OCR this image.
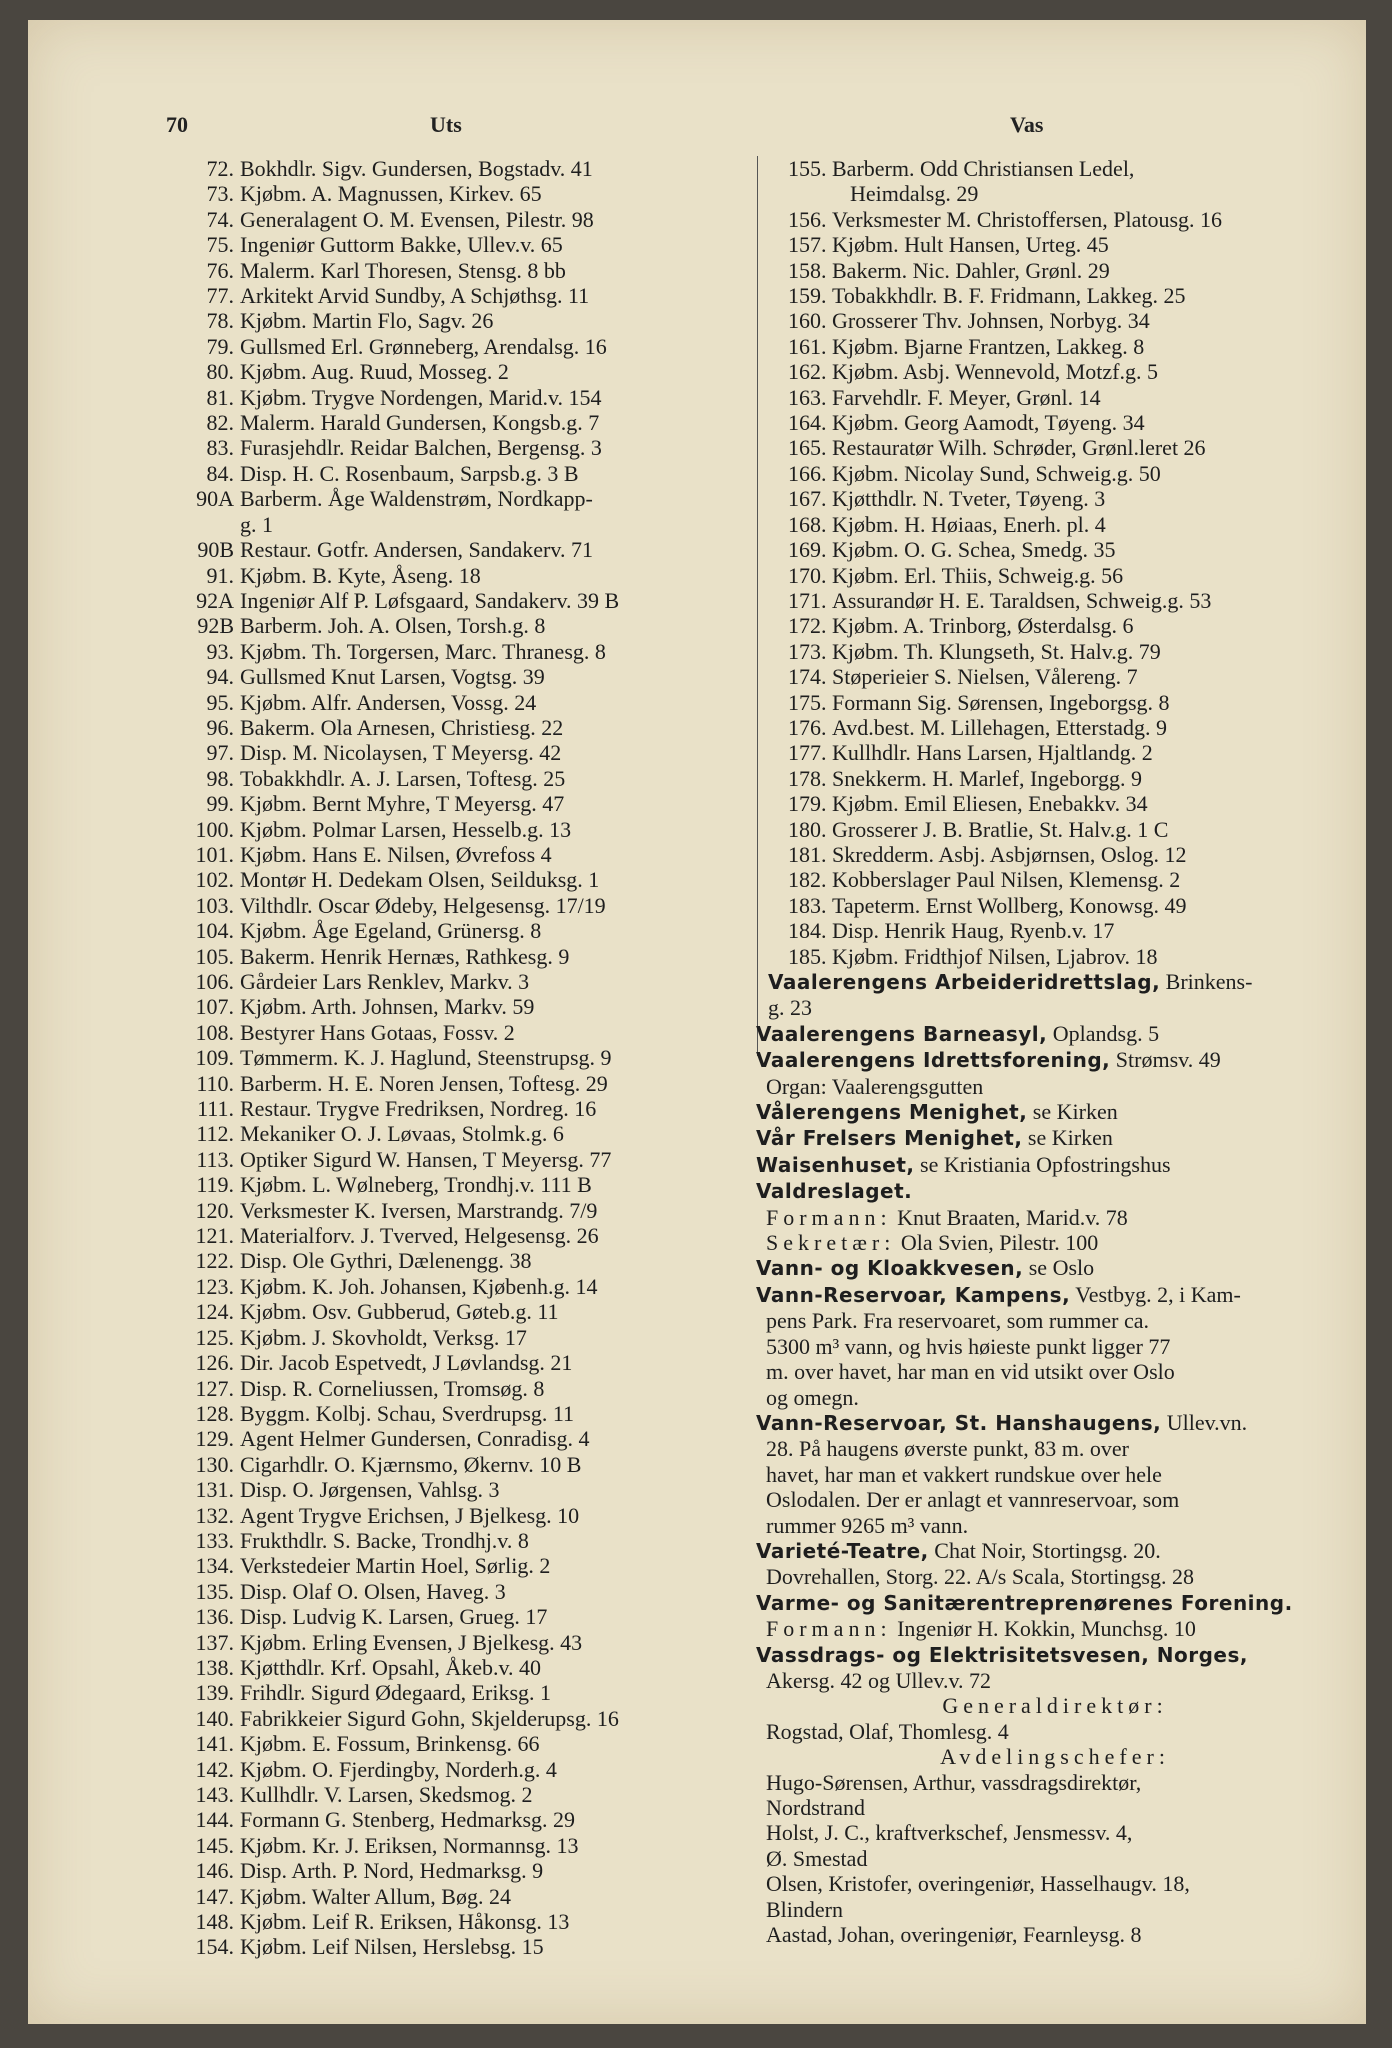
70	Uts	Vas
72. Bokhdlr. Sigv. Gundersen, Bogstadv. 41
73. Kjøbm. A. Magnussen, Kirkev. 65
74. Generalagent O. M. Evensen, Pilestr. 98
75. Ingeniør Guttorm Bakke, Ullev.v. 65
76. Malerm. Karl Thoresen, Stensg. 8 bb
77. Arkitekt Arvid Sundby, A Schjøthsg. 11
78. Kjøbm. Martin Flo, Sagv. 26
79. Gullsmed Erl. Grønneberg, Arendalsg. 16
80. Kjøbm. Aug. Ruud, Mosseg. 2
81. Kjøbm. Trygve Nordengen, Marid.v. 154
82. Malerm. Harald Gundersen, Kongsb.g. 7
83. Furasjehdlr. Reidar Balchen, Bergensg. 3
84. Disp. H. C. Rosenbaum, Sarpsb.g. 3 B
90A Barberm. Åge Waldenstrøm, Nordkapp-
g. 1
90B Restaur. Gotfr. Andersen, Sandakerv. 71
91. Kjøbm. B. Kyte, Åseng. 18
92A Ingeniør Alf P. Løfsgaard, Sandakerv. 39 B
92B Barberm. Joh. A. Olsen, Torsh.g. 8
93. Kjøbm. Th. Torgersen, Marc. Thranesg. 8
94. Gullsmed Knut Larsen, Vogtsg. 39
95. Kjøbm. Alfr. Andersen, Vossg. 24
96. Bakerm. Ola Arnesen, Christiesg. 22
97. Disp. M. Nicolaysen, T Meyersg. 42
98. Tobakkhdlr. A. J. Larsen, Toftesg. 25
99. Kjøbm. Bernt Myhre, T Meyersg. 47
100. Kjøbm. Polmar Larsen, Hesselb.g. 13
101. Kjøbm. Hans E. Nilsen, Øvrefoss 4
102. Montør H. Dedekam Olsen, Seilduksg. 1
103. Vilthdlr. Oscar Ødeby, Helgesensg. 17/19
104. Kjøbm. Åge Egeland, Grünersg. 8
105. Bakerm. Henrik Hernæs, Rathkesg. 9
106. Gårdeier Lars Renklev, Markv. 3
107. Kjøbm. Arth. Johnsen, Markv. 59
108. Bestyrer Hans Gotaas, Fossv. 2
109. Tømmerm. K. J. Haglund, Steenstrupsg. 9
110. Barberm. H. E. Noren Jensen, Toftesg. 29
111. Restaur. Trygve Fredriksen, Nordreg. 16
112. Mekaniker O. J. Løvaas, Stolmk.g. 6
113. Optiker Sigurd W. Hansen, T Meyersg. 77
119. Kjøbm. L. Wølneberg, Trondhj.v. 111 B
120. Verksmester K. Iversen, Marstrandg. 7/9
121. Materialforv. J. Tverved, Helgesensg. 26
122. Disp. Ole Gythri, Dælenengg. 38
123. Kjøbm. K. Joh. Johansen, Kjøbenh.g. 14
124. Kjøbm. Osv. Gubberud, Gøteb.g. 11
125. Kjøbm. J. Skovholdt, Verksg. 17
126. Dir. Jacob Espetvedt, J Løvlandsg. 21
127. Disp. R. Corneliussen, Tromsøg. 8
128. Byggm. Kolbj. Schau, Sverdrupsg. 11
129. Agent Helmer Gundersen, Conradisg. 4
130. Cigarhdlr. O. Kjærnsmo, Økernv. 10 B
131. Disp. O. Jørgensen, Vahlsg. 3
132. Agent Trygve Erichsen, J Bjelkesg. 10
133. Frukthdlr. S. Backe, Trondhj.v. 8
134. Verkstedeier Martin Hoel, Sørlig. 2
135. Disp. Olaf O. Olsen, Haveg. 3
136. Disp. Ludvig K. Larsen, Grueg. 17
137. Kjøbm. Erling Evensen, J Bjelkesg. 43
138. Kjøtthdlr. Krf. Opsahl, Åkeb.v. 40
139. Frihdlr. Sigurd Ødegaard, Eriksg. 1
140. Fabrikkeier Sigurd Gohn, Skjelderupsg. 16
141. Kjøbm. E. Fossum, Brinkensg. 66
142. Kjøbm. O. Fjerdingby, Norderh.g. 4
143. Kullhdlr. V. Larsen, Skedsmog. 2
144. Formann G. Stenberg, Hedmarksg. 29
145. Kjøbm. Kr. J. Eriksen, Normannsg. 13
146. Disp. Arth. P. Nord, Hedmarksg. 9
147. Kjøbm. Walter Allum, Bøg. 24
148. Kjøbm. Leif R. Eriksen, Håkonsg. 13
154. Kjøbm. Leif Nilsen, Herslebsg. 15
155. Barberm. Odd Christiansen Ledel,
Heimdalsg. 29
156. Verksmester M. Christoffersen, Platousg. 16
157. Kjøbm. Hult Hansen, Urteg. 45
158. Bakerm. Nic. Dahler, Grønl. 29
159. Tobakkhdlr. B. F. Fridmann, Lakkeg. 25
160. Grosserer Thv. Johnsen, Norbyg. 34
161. Kjøbm. Bjarne Frantzen, Lakkeg. 8
162. Kjøbm. Asbj. Wennevold, Motzf.g. 5
163. Farvehdlr. F. Meyer, Grønl. 14
164. Kjøbm. Georg Aamodt, Tøyeng. 34
165. Restauratør Wilh. Schrøder, Grønl.leret 26
166. Kjøbm. Nicolay Sund, Schweig.g. 50
167. Kjøtthdlr. N. Tveter, Tøyeng. 3
168. Kjøbm. H. Høiaas, Enerh. pl. 4
169. Kjøbm. O. G. Schea, Smedg. 35
170. Kjøbm. Erl. Thiis, Schweig.g. 56
171. Assurandør H. E. Taraldsen, Schweig.g. 53
172. Kjøbm. A. Trinborg, Østerdalsg. 6
173. Kjøbm. Th. Klungseth, St. Halv.g. 79
174. Støperieier S. Nielsen, Vålereng. 7
175. Formann Sig. Sørensen, Ingeborgsg. 8
176. Avd.best. M. Lillehagen, Etterstadg. 9
177. Kullhdlr. Hans Larsen, Hjaltlandg. 2
178. Snekkerm. H. Marlef, Ingeborgg. 9
179. Kjøbm. Emil Eliesen, Enebakkv. 34
180. Grosserer J. B. Bratlie, St. Halv.g. 1 C
181. Skredderm. Asbj. Asbjørnsen, Oslog. 12
182. Kobberslager Paul Nilsen, Klemensg. 2
183. Tapeterm. Ernst Wollberg, Konowsg. 49
184. Disp. Henrik Haug, Ryenb.v. 17
185. Kjøbm. Fridthjof Nilsen, Ljabrov. 18
Vaalerengens Arbeideridrettslag, Brinkens-
g. 23
Vaalerengens Barneasyl, Oplandsg. 5
Vaalerengens Idrettsforening, Strømsv. 49
Organ: Vaalerengsgutten
Vålerengens Menighet, se Kirken
Vår Frelsers Menighet, se Kirken
Waisenhuset, se Kristiania Opfostringshus
Valdreslaget.
Formann: Knut Braaten, Marid.v. 78
Sekretær: Ola Svien, Pilestr. 100
Vann- og Kloakkvesen, se Oslo
Vann-Reservoar, Kampens, Vestbyg. 2, i Kam-
pens Park. Fra reservoaret, som rummer ca.
5300 m³ vann, og hvis høieste punkt ligger 77
m. over havet, har man en vid utsikt over Oslo
og omegn.
Vann-Reservoar, St. Hanshaugens, Ullev.vn.
28. På haugens øverste punkt, 83 m. over
havet, har man et vakkert rundskue over hele
Oslodalen. Der er anlagt et vannreservoar, som
rummer 9265 m³ vann.
Varieté-Teatre, Chat Noir, Stortingsg. 20.
Dovrehallen, Storg. 22. A/s Scala, Stortingsg. 28
Varme- og Sanitærentreprenørenes Forening.
Formann: Ingeniør H. Kokkin, Munchsg. 10
Vassdrags- og Elektrisitetsvesen, Norges,
Akersg. 42 og Ullev.v. 72
Generaldirektør:
Rogstad, Olaf, Thomlesg. 4
Avdelingschefer:
Hugo-Sørensen, Arthur, vassdragsdirektør,
Nordstrand
Holst, J. C., kraftverkschef, Jensmessv. 4,
Ø. Smestad
Olsen, Kristofer, overingeniør, Hasselhaugv. 18,
Blindern
Aastad, Johan, overingeniør, Fearnleysg. 8
